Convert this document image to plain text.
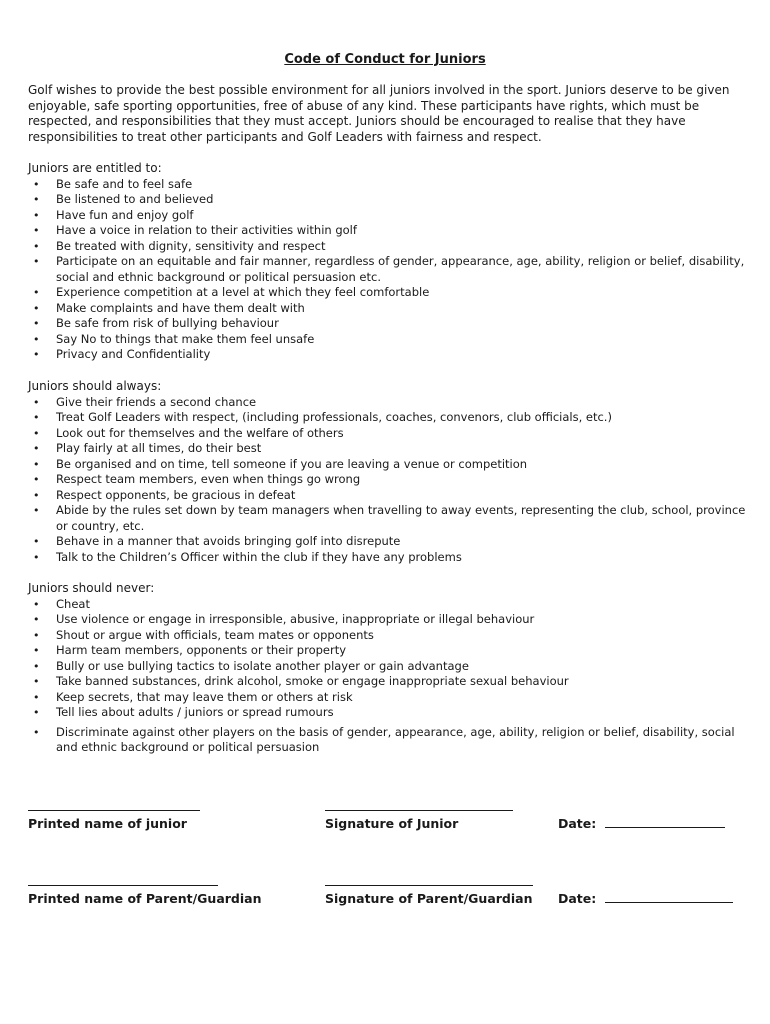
Code of Conduct for Juniors

Golf wishes to provide the best possible environment for all juniors involved in the sport. Juniors deserve to be given enjoyable, safe sporting opportunities, free of abuse of any kind. These participants have rights, which must be respected, and responsibilities that they must accept. Juniors should be encouraged to realise that they have responsibilities to treat other participants and Golf Leaders with fairness and respect.

Juniors are entitled to:

• Be safe and to feel safe
• Be listened to and believed
• Have fun and enjoy golf
• Have a voice in relation to their activities within golf
• Be treated with dignity, sensitivity and respect
• Participate on an equitable and fair manner, regardless of gender, appearance, age, ability, religion or belief, disability, social and ethnic background or political persuasion etc.
• Experience competition at a level at which they feel comfortable
• Make complaints and have them dealt with
• Be safe from risk of bullying behaviour
• Say No to things that make them feel unsafe
• Privacy and Confidentiality

Juniors should always:

• Give their friends a second chance
• Treat Golf Leaders with respect, (including professionals, coaches, convenors, club officials, etc.)
• Look out for themselves and the welfare of others
• Play fairly at all times, do their best
• Be organised and on time, tell someone if you are leaving a venue or competition
• Respect team members, even when things go wrong
• Respect opponents, be gracious in defeat
• Abide by the rules set down by team managers when travelling to away events, representing the club, school, province or country, etc.
• Behave in a manner that avoids bringing golf into disrepute
• Talk to the Children’s Officer within the club if they have any problems

Juniors should never:

• Cheat
• Use violence or engage in irresponsible, abusive, inappropriate or illegal behaviour
• Shout or argue with officials, team mates or opponents
• Harm team members, opponents or their property
• Bully or use bullying tactics to isolate another player or gain advantage
• Take banned substances, drink alcohol, smoke or engage inappropriate sexual behaviour
• Keep secrets, that may leave them or others at risk
• Tell lies about adults / juniors or spread rumours
• Discriminate against other players on the basis of gender, appearance, age, ability, religion or belief, disability, social and ethnic background or political persuasion
Printed name of junior	Signature of Junior	Date:
Printed name of Parent/Guardian	Signature of Parent/Guardian Date:
